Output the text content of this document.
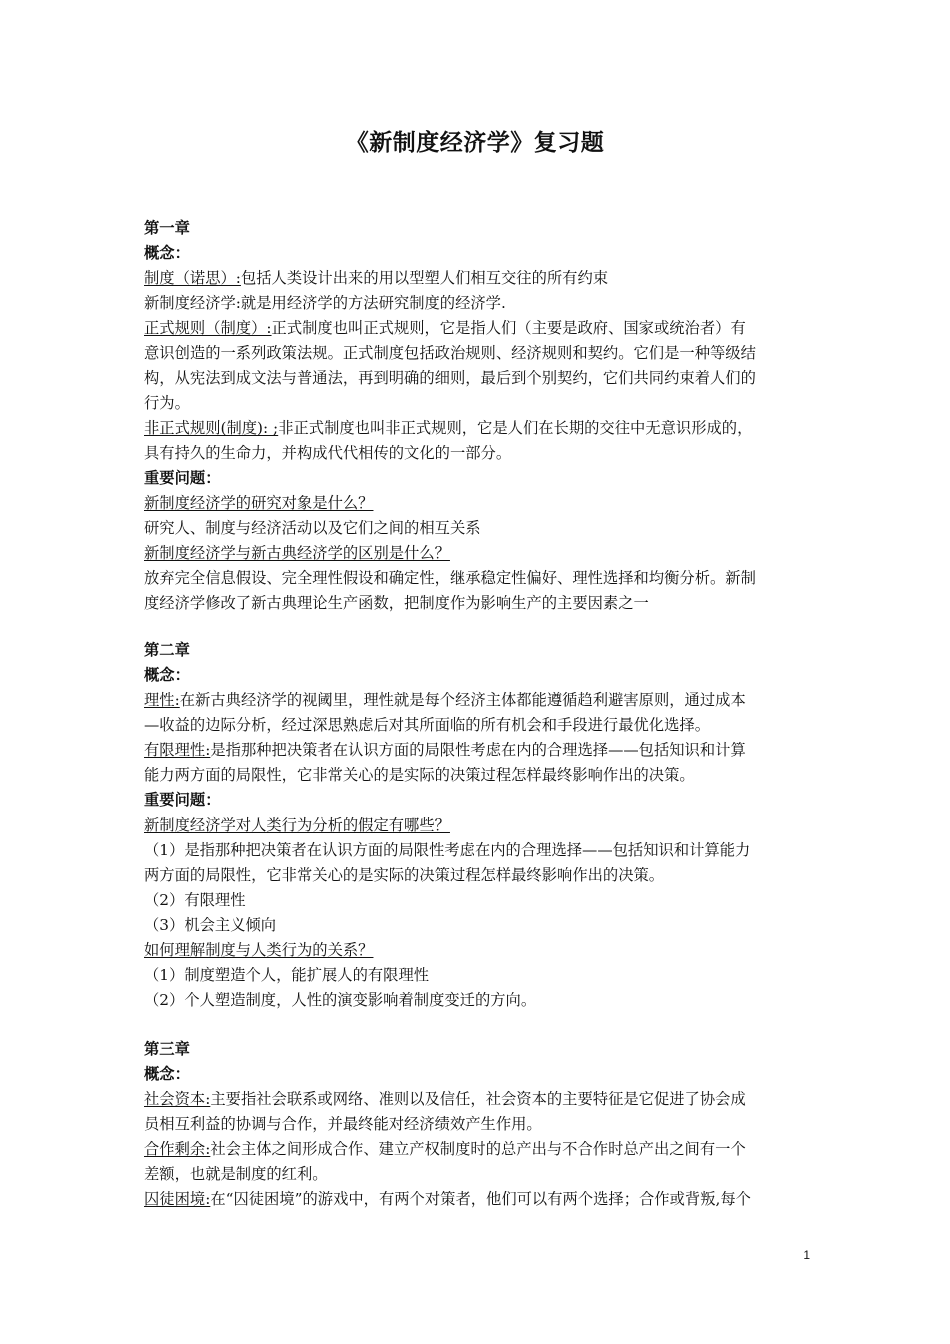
《新制度经济学》复习题
第一章
概念：
制度（诺思）:包括人类设计出来的用以型塑人们相互交往的所有约束
新制度经济学:就是用经济学的方法研究制度的经济学.
正式规则（制度）:正式制度也叫正式规则，它是指人们（主要是政府、国家或统治者）有
意识创造的一系列政策法规。正式制度包括政治规则、经济规则和契约。它们是一种等级结
构，从宪法到成文法与普通法，再到明确的细则，最后到个别契约，它们共同约束着人们的
行为。
非正式规则(制度): ;非正式制度也叫非正式规则，它是人们在长期的交往中无意识形成的，
具有持久的生命力，并构成代代相传的文化的一部分。
重要问题：
新制度经济学的研究对象是什么？
研究人、制度与经济活动以及它们之间的相互关系
新制度经济学与新古典经济学的区别是什么？
放弃完全信息假设、完全理性假设和确定性，继承稳定性偏好、理性选择和均衡分析。新制
度经济学修改了新古典理论生产函数，把制度作为影响生产的主要因素之一
第二章
概念：
理性:在新古典经济学的视阈里，理性就是每个经济主体都能遵循趋利避害原则，通过成本
—收益的边际分析，经过深思熟虑后对其所面临的所有机会和手段进行最优化选择。
有限理性:是指那种把决策者在认识方面的局限性考虑在内的合理选择——包括知识和计算
能力两方面的局限性，它非常关心的是实际的决策过程怎样最终影响作出的决策。
重要问题：
新制度经济学对人类行为分析的假定有哪些？
（1）是指那种把决策者在认识方面的局限性考虑在内的合理选择——包括知识和计算能力
两方面的局限性，它非常关心的是实际的决策过程怎样最终影响作出的决策。
（2）有限理性
（3）机会主义倾向
如何理解制度与人类行为的关系？
（1）制度塑造个人，能扩展人的有限理性
（2）个人塑造制度，人性的演变影响着制度变迁的方向。
第三章
概念：
社会资本:主要指社会联系或网络、准则以及信任，社会资本的主要特征是它促进了协会成
员相互利益的协调与合作，并最终能对经济绩效产生作用。
合作剩余:社会主体之间形成合作、建立产权制度时的总产出与不合作时总产出之间有一个
差额，也就是制度的红利。
囚徒困境:在“囚徒困境”的游戏中，有两个对策者，他们可以有两个选择；合作或背叛,每个
1
